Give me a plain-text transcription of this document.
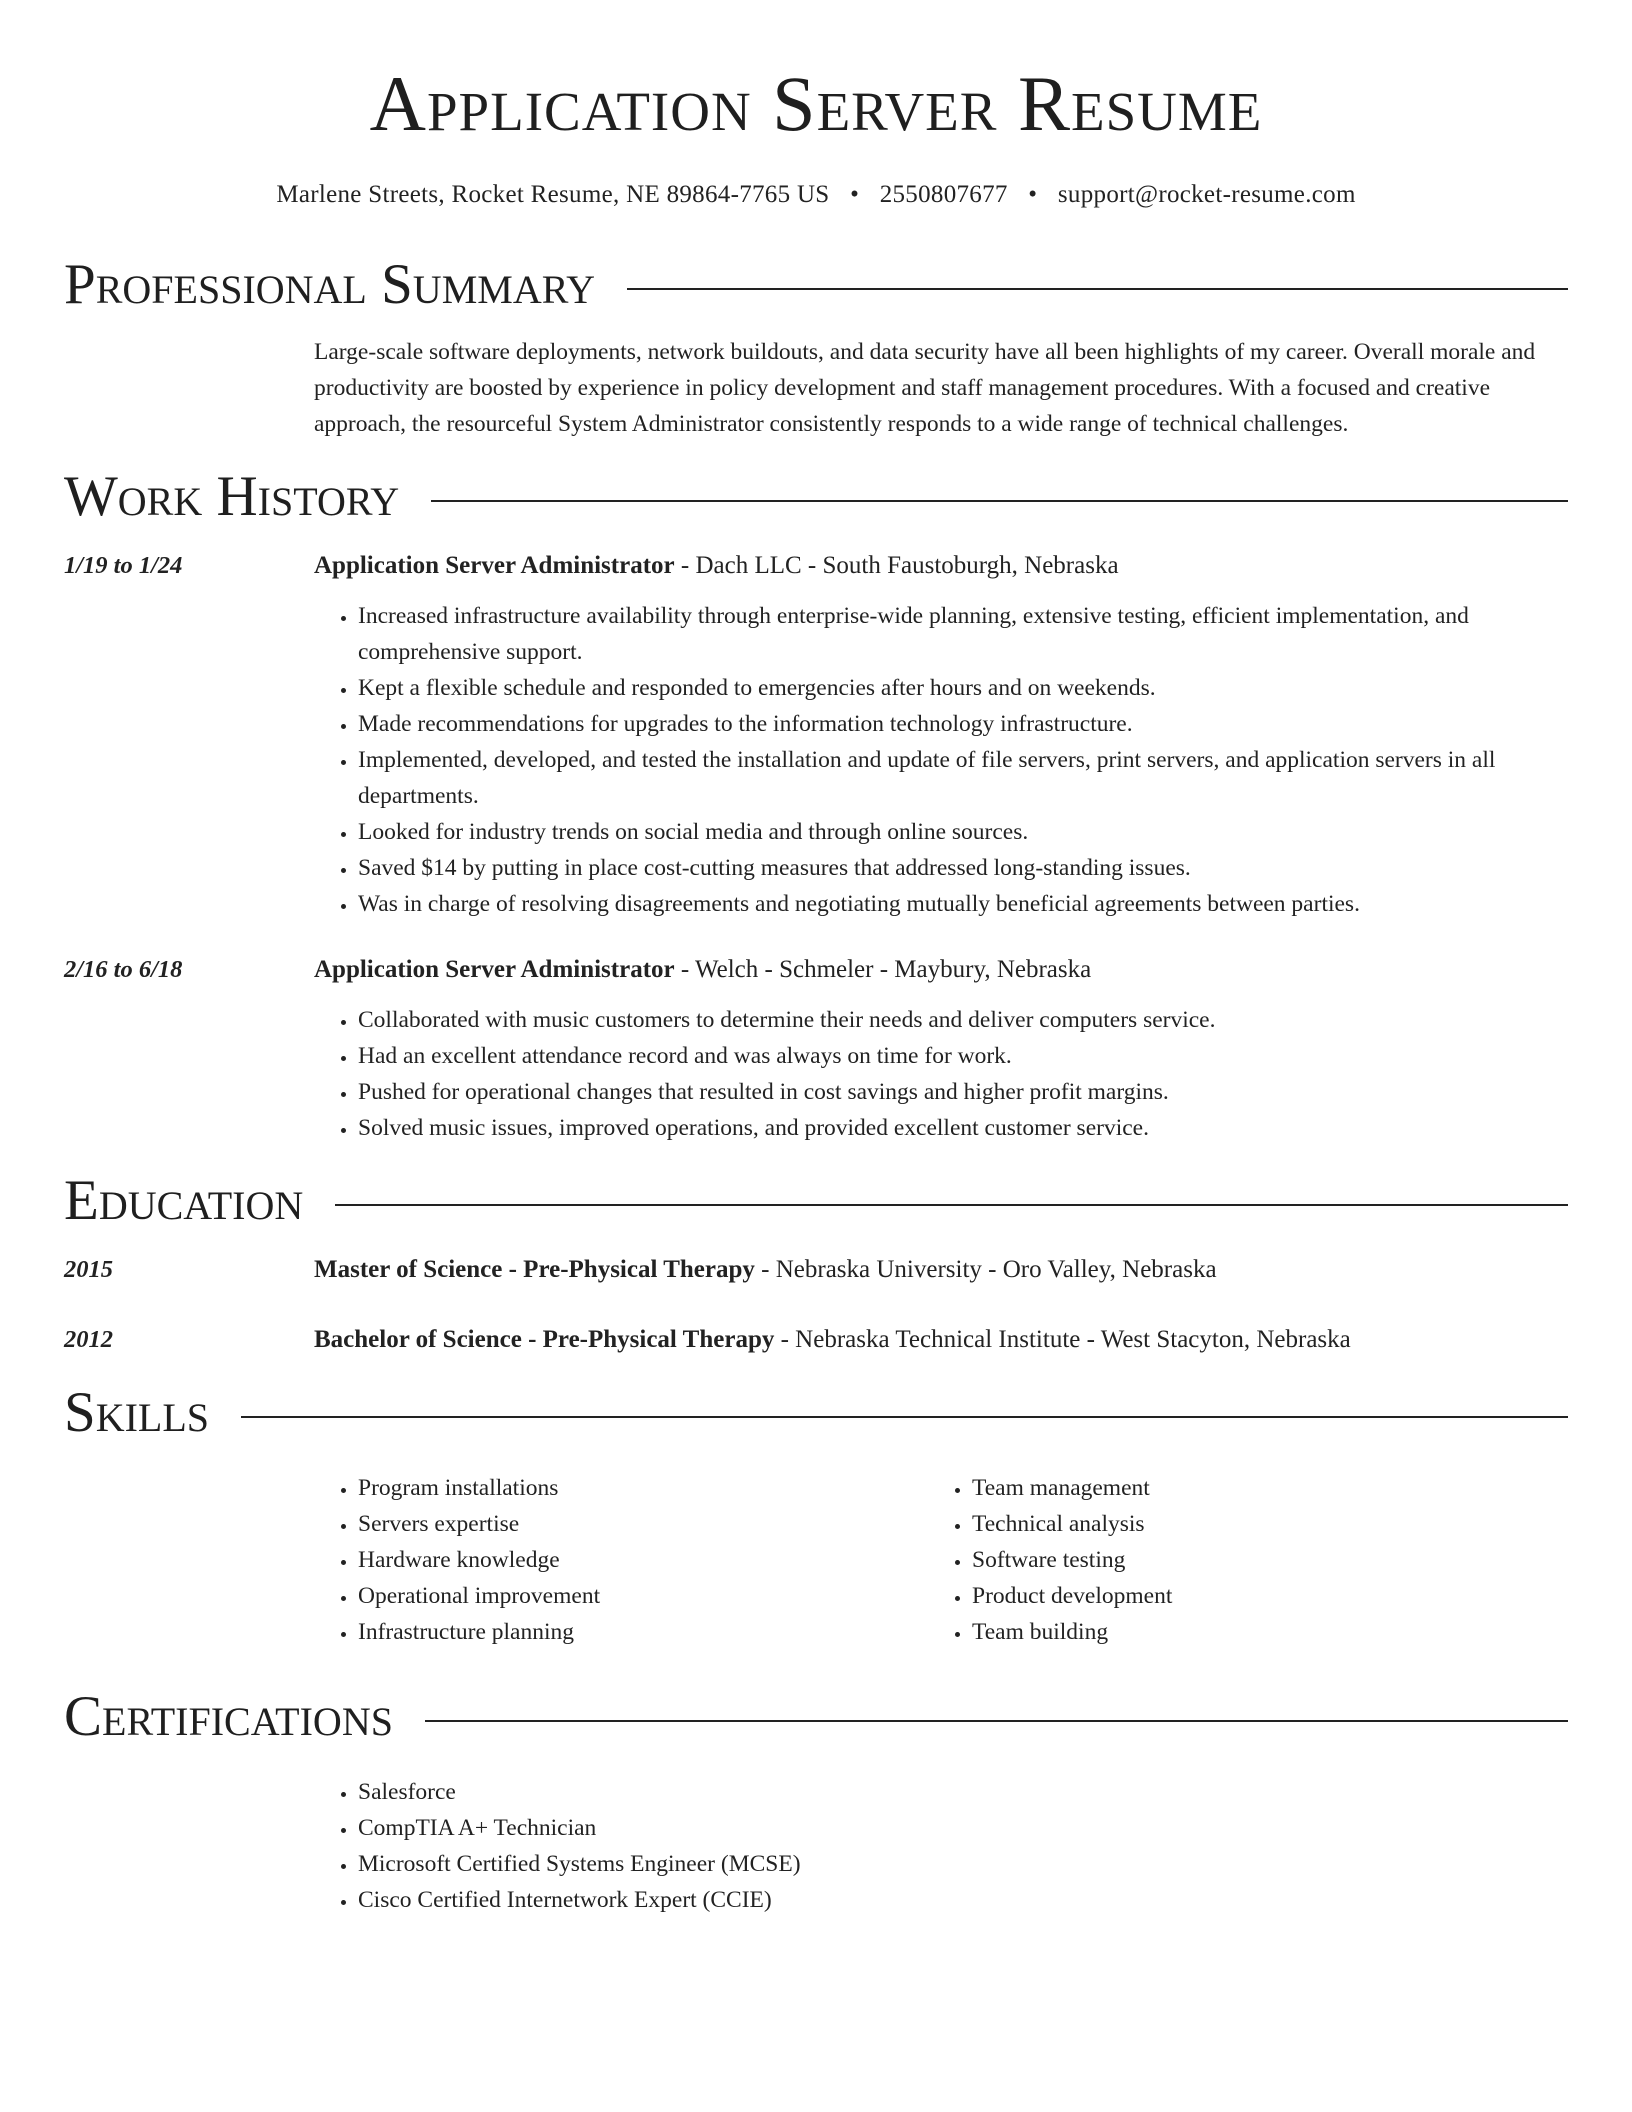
Application Server Resume
Marlene Streets, Rocket Resume, NE 89864-7765 US • 2550807677 • support@rocket-resume.com
Professional Summary
Large-scale software deployments, network buildouts, and data security have all been highlights of my career. Overall morale and productivity are boosted by experience in policy development and staff management procedures. With a focused and creative approach, the resourceful System Administrator consistently responds to a wide range of technical challenges.
Work History
1/19 to 1/24	Application Server Administrator - Dach LLC - South Faustoburgh, Nebraska
• Increased infrastructure availability through enterprise-wide planning, extensive testing, efficient implementation, and comprehensive support.
• Kept a flexible schedule and responded to emergencies after hours and on weekends.
• Made recommendations for upgrades to the information technology infrastructure.
• Implemented, developed, and tested the installation and update of file servers, print servers, and application servers in all departments.
• Looked for industry trends on social media and through online sources.
• Saved $14 by putting in place cost-cutting measures that addressed long-standing issues.
• Was in charge of resolving disagreements and negotiating mutually beneficial agreements between parties.
2/16 to 6/18	Application Server Administrator - Welch - Schmeler - Maybury, Nebraska
• Collaborated with music customers to determine their needs and deliver computers service.
• Had an excellent attendance record and was always on time for work.
• Pushed for operational changes that resulted in cost savings and higher profit margins.
• Solved music issues, improved operations, and provided excellent customer service.
Education
2015	Master of Science - Pre-Physical Therapy - Nebraska University - Oro Valley, Nebraska
2012	Bachelor of Science - Pre-Physical Therapy - Nebraska Technical Institute - West Stacyton, Nebraska
Skills
• Program installations
• Servers expertise
• Hardware knowledge
• Operational improvement
• Infrastructure planning
• Team management
• Technical analysis
• Software testing
• Product development
• Team building
Certifications
• Salesforce
• CompTIA A+ Technician
• Microsoft Certified Systems Engineer (MCSE)
• Cisco Certified Internetwork Expert (CCIE)
